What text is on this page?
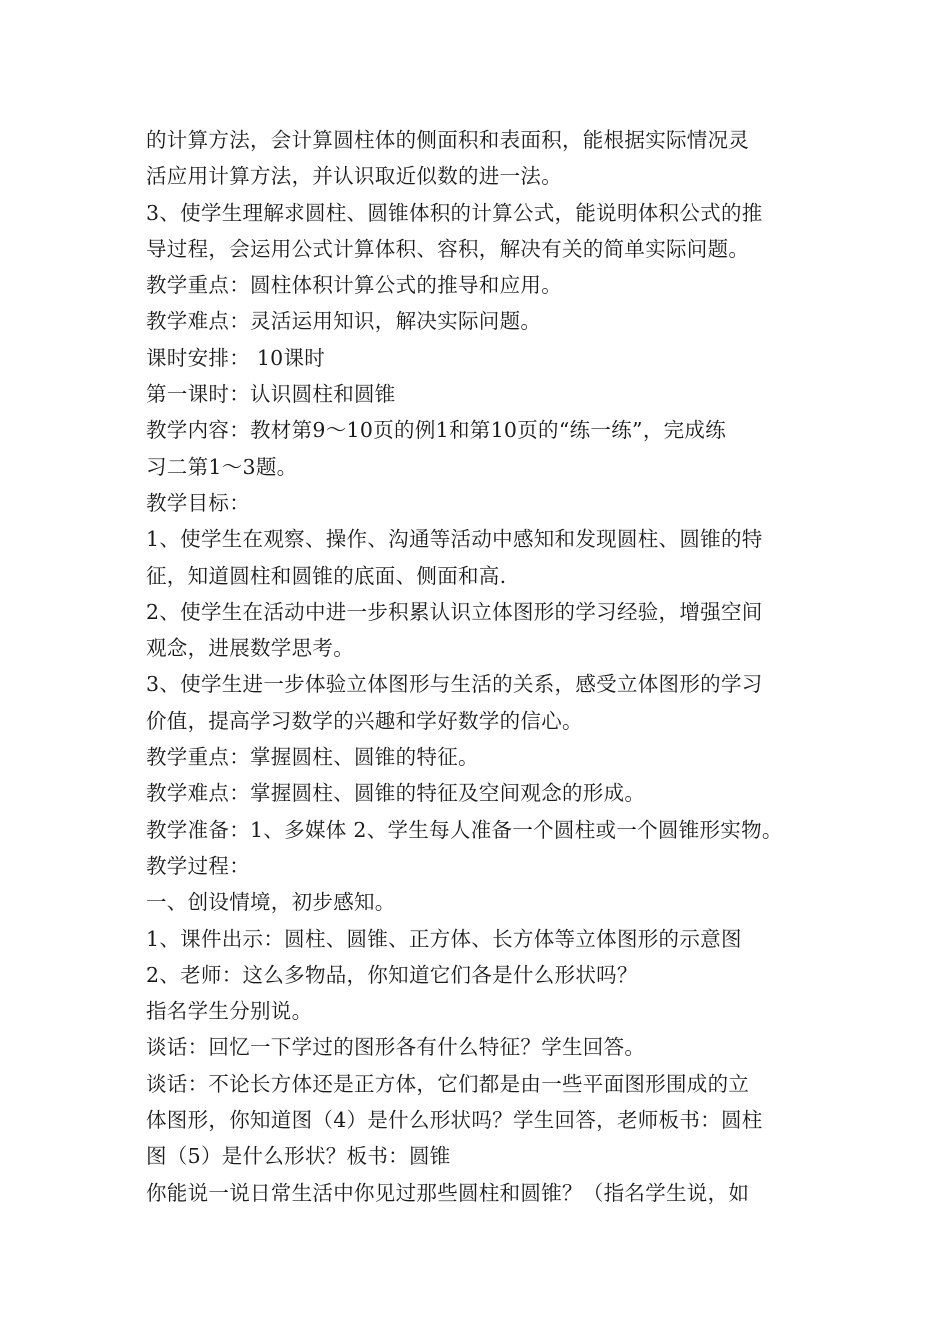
的计算方法，会计算圆柱体的侧面积和表面积，能根据实际情况灵
活应用计算方法，并认识取近似数的进一法。
3、使学生理解求圆柱、圆锥体积的计算公式，能说明体积公式的推
导过程，会运用公式计算体积、容积，解决有关的简单实际问题。
教学重点：圆柱体积计算公式的推导和应用。
教学难点：灵活运用知识，解决实际问题。
课时安排： 10课时
第一课时：认识圆柱和圆锥
教学内容：教材第9～10页的例1和第10页的“练一练”，完成练
习二第1～3题。
教学目标：
1、使学生在观察、操作、沟通等活动中感知和发现圆柱、圆锥的特
征，知道圆柱和圆锥的底面、侧面和高.
2、使学生在活动中进一步积累认识立体图形的学习经验，增强空间
观念，进展数学思考。
3、使学生进一步体验立体图形与生活的关系，感受立体图形的学习
价值，提高学习数学的兴趣和学好数学的信心。
教学重点：掌握圆柱、圆锥的特征。
教学难点：掌握圆柱、圆锥的特征及空间观念的形成。
教学准备：1、多媒体 2、学生每人准备一个圆柱或一个圆锥形实物。
教学过程：
一、创设情境，初步感知。
1、课件出示：圆柱、圆锥、正方体、长方体等立体图形的示意图
2、老师：这么多物品，你知道它们各是什么形状吗？
指名学生分别说。
谈话：回忆一下学过的图形各有什么特征？学生回答。
谈话：不论长方体还是正方体，它们都是由一些平面图形围成的立
体图形，你知道图（4）是什么形状吗？学生回答，老师板书：圆柱
图（5）是什么形状？板书：圆锥
你能说一说日常生活中你见过那些圆柱和圆锥？（指名学生说，如
